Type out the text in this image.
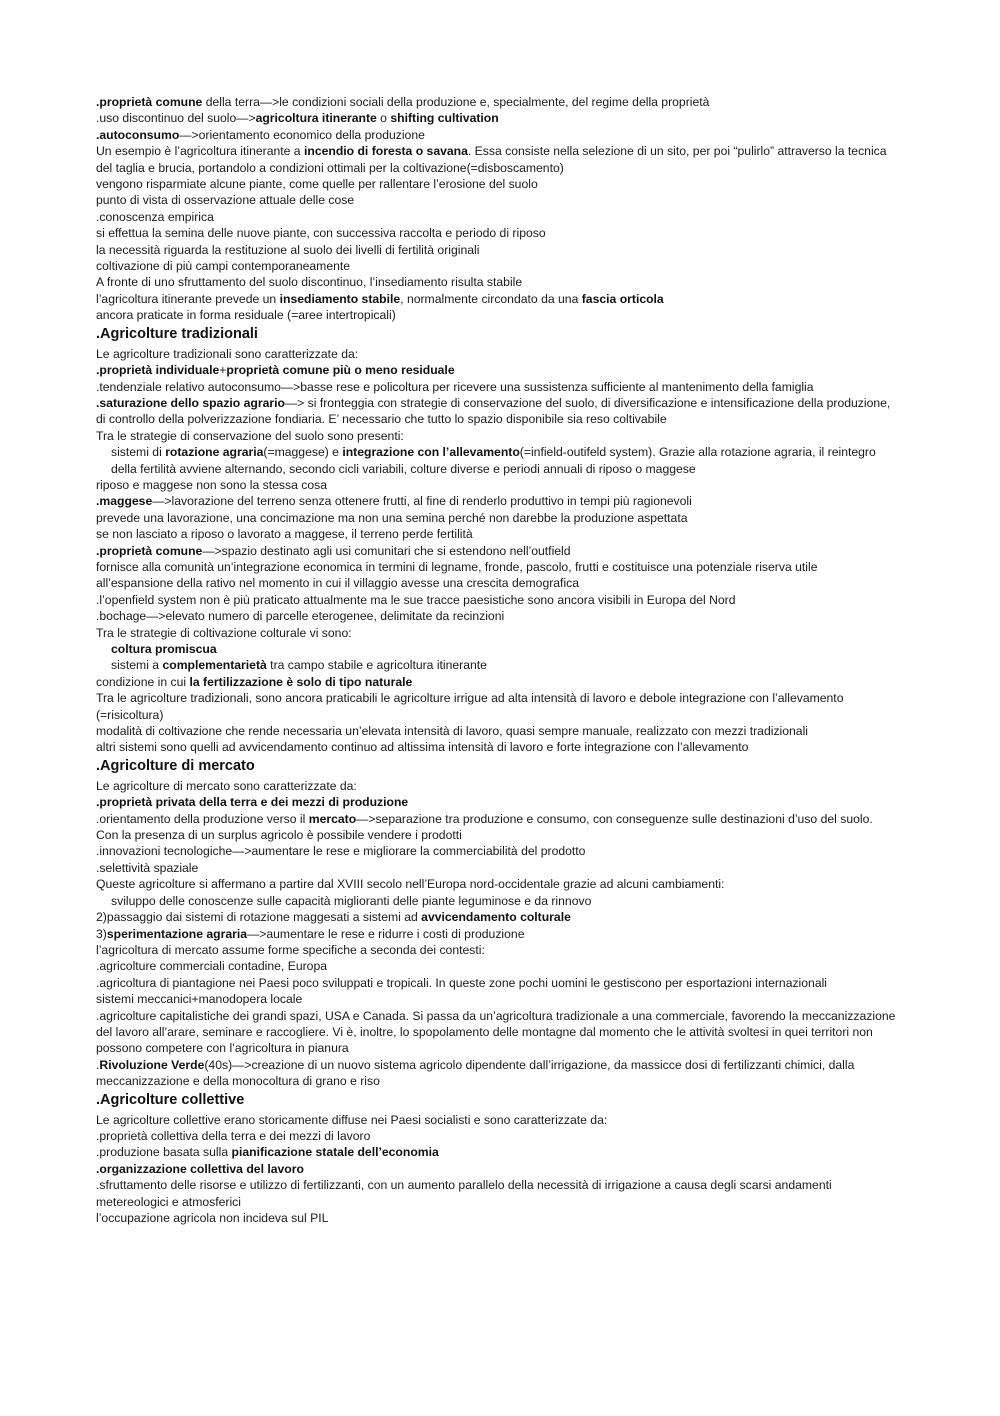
.proprietà comune della terra—>le condizioni sociali della produzione e, specialmente, del regime della proprietà
.uso discontinuo del suolo—>agricoltura itinerante o shifting cultivation
.autoconsumo—>orientamento economico della produzione
Un esempio è l’agricoltura itinerante a incendio di foresta o savana. Essa consiste nella selezione di un sito, per poi “pulirlo” attraverso la tecnica del taglia e brucia, portandolo a condizioni ottimali per la coltivazione(=disboscamento)
vengono risparmiate alcune piante, come quelle per rallentare l’erosione del suolo
punto di vista di osservazione attuale delle cose
.conoscenza empirica
si effettua la semina delle nuove piante, con successiva raccolta e periodo di riposo
la necessità riguarda la restituzione al suolo dei livelli di fertilità originali
coltivazione di più campi contemporaneamente
A fronte di uno sfruttamento del suolo discontinuo, l’insediamento risulta stabile
l’agricoltura itinerante prevede un insediamento stabile, normalmente circondato da una fascia orticola
ancora praticate in forma residuale (=aree intertropicali)
.Agricolture tradizionali
Le agricolture tradizionali sono caratterizzate da:
.proprietà individuale+proprietà comune più o meno residuale
.tendenziale relativo autoconsumo—>basse rese e policoltura per ricevere una sussistenza sufficiente al mantenimento della famiglia
.saturazione dello spazio agrario—> si fronteggia con strategie di conservazione del suolo, di diversificazione e intensificazione della produzione, di controllo della polverizzazione fondiaria. E’ necessario che tutto lo spazio disponibile sia reso coltivabile
Tra le strategie di conservazione del suolo sono presenti:
sistemi di rotazione agraria(=maggese) e integrazione con l’allevamento(=infield-outifeld system). Grazie alla rotazione agraria, il reintegro della fertilità avviene alternando, secondo cicli variabili, colture diverse e periodi annuali di riposo o maggese
riposo e maggese non sono la stessa cosa
.maggese—>lavorazione del terreno senza ottenere frutti, al fine di renderlo produttivo in tempi più ragionevoli
prevede una lavorazione, una concimazione ma non una semina perché non darebbe la produzione aspettata
se non lasciato a riposo o lavorato a maggese, il terreno perde fertilità
.proprietà comune—>spazio destinato agli usi comunitari che si estendono nell’outfield
fornisce alla comunità un’integrazione economica in termini di legname, fronde, pascolo, frutti e costituisce una potenziale riserva utile all’espansione della rativo nel momento in cui il villaggio avesse una crescita demografica
.l’openfield system non è più praticato attualmente ma le sue tracce paesistiche sono ancora visibili in Europa del Nord
.bochage—>elevato numero di parcelle eterogenee, delimitate da recinzioni
Tra le strategie di coltivazione colturale vi sono:
coltura promiscua
sistemi a complementarietà tra campo stabile e agricoltura itinerante
condizione in cui la fertilizzazione è solo di tipo naturale
Tra le agricolture tradizionali, sono ancora praticabili le agricolture irrigue ad alta intensità di lavoro e debole integrazione con l’allevamento (=risicoltura)
modalità di coltivazione che rende necessaria un’elevata intensità di lavoro, quasi sempre manuale, realizzato con mezzi tradizionali
altri sistemi sono quelli ad avvicendamento continuo ad altissima intensità di lavoro e forte integrazione con l’allevamento
.Agricolture di mercato
Le agricolture di mercato sono caratterizzate da:
.proprietà privata della terra e dei mezzi di produzione
.orientamento della produzione verso il mercato—>separazione tra produzione e consumo, con conseguenze sulle destinazioni d’uso del suolo. Con la presenza di un surplus agricolo è possibile vendere i prodotti
.innovazioni tecnologiche—>aumentare le rese e migliorare la commerciabilità del prodotto
.selettività spaziale
Queste agricolture si affermano a partire dal XVIII secolo nell’Europa nord-occidentale grazie ad alcuni cambiamenti:
sviluppo delle conoscenze sulle capacità miglioranti delle piante leguminose e da rinnovo
2)passaggio dai sistemi di rotazione maggesati a sistemi ad avvicendamento colturale
3)sperimentazione agraria—>aumentare le rese e ridurre i costi di produzione
l’agricoltura di mercato assume forme specifiche a seconda dei contesti:
.agricolture commerciali contadine, Europa
.agricoltura di piantagione nei Paesi poco sviluppati e tropicali. In queste zone pochi uomini le gestiscono per esportazioni internazionali
sistemi meccanici+manodopera locale
.agricolture capitalistiche dei grandi spazi, USA e Canada. Si passa da un’agricoltura tradizionale a una commerciale, favorendo la meccanizzazione del lavoro all’arare, seminare e raccogliere. Vi è, inoltre, lo spopolamento delle montagne dal momento che le attività svoltesi in quei territori non possono competere con l’agricoltura in pianura
.Rivoluzione Verde(40s)—>creazione di un nuovo sistema agricolo dipendente dall’irrigazione, da massicce dosi di fertilizzanti chimici, dalla meccanizzazione e della monocoltura di grano e riso
.Agricolture collettive
Le agricolture collettive erano storicamente diffuse nei Paesi socialisti e sono caratterizzate da:
.proprietà collettiva della terra e dei mezzi di lavoro
.produzione basata sulla pianificazione statale dell’economia
.organizzazione collettiva del lavoro
.sfruttamento delle risorse e utilizzo di fertilizzanti, con un aumento parallelo della necessità di irrigazione a causa degli scarsi andamenti metereologici e atmosferici
l’occupazione agricola non incideva sul PIL
